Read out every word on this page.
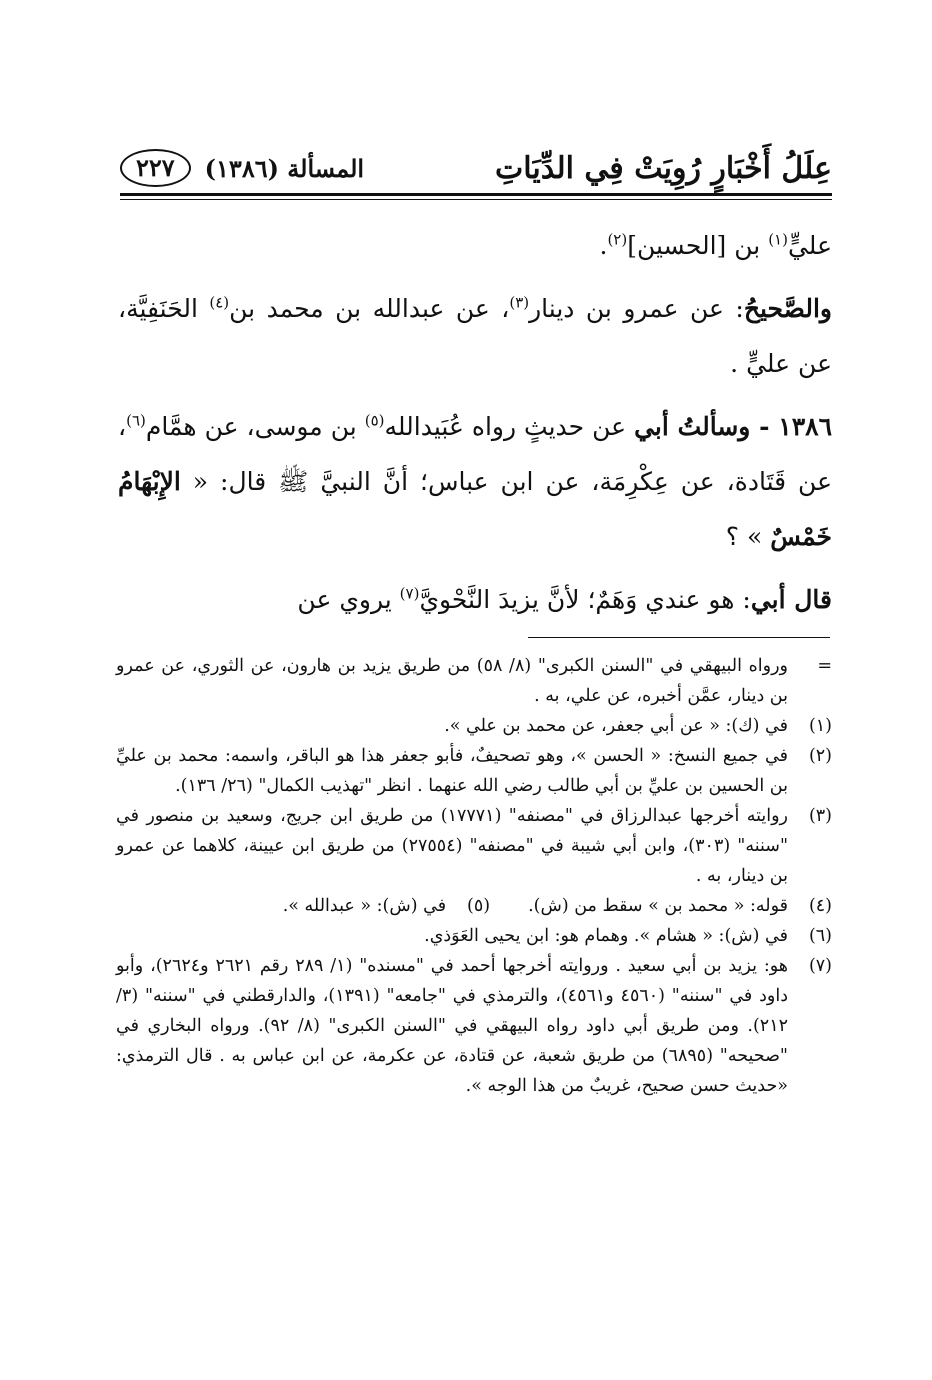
عِلَلُ أَخْبَارٍ رُوِيَتْ فِي الدِّيَاتِ
المسألة (١٣٨٦)
٢٢٧

عليٍّ$^{(١)}$ بن [الحسين]$^{(٢)}$.

والصَّحيحُ: عن عمرو بن دينار$^{(٣)}$، عن عبدالله بن محمد بن$^{(٤)}$ الحَنَفِيَّة، عن عليٍّ .

١٣٨٦ - وسألتُ أبي عن حديثٍ رواه عُبَيدالله$^{(٥)}$ بن موسى، عن همَّام$^{(٦)}$، عن قَتَادة، عن عِكْرِمَة، عن ابن عباس؛ أنَّ النبيَّ ﷺ قال: « الإِبْهَامُ خَمْسٌ » ؟

قال أبي: هو عندي وَهَمٌ؛ لأنَّ يزيدَ النَّحْويَّ$^{(٧)}$ يروي عن

=
ورواه البيهقي في "السنن الكبرى" (٨/ ٥٨) من طريق يزيد بن هارون، عن الثوري، عن عمرو بن دينار، عمَّن أخبره، عن علي، به .
(١)
في (ك): « عن أبي جعفر، عن محمد بن علي ».
(٢)
في جميع النسخ: « الحسن »، وهو تصحيفٌ، فأبو جعفر هذا هو الباقر، واسمه: محمد بن عليِّ بن الحسين بن عليِّ بن أبي طالب رضي الله عنهما . انظر "تهذيب الكمال" (٢٦/ ١٣٦).
(٣)
روايته أخرجها عبدالرزاق في "مصنفه" (١٧٧٧١) من طريق ابن جريج، وسعيد بن منصور في "سننه" (٣٠٣)، وابن أبي شيبة في "مصنفه" (٢٧٥٥٤) من طريق ابن عيينة، كلاهما عن عمرو بن دينار، به .
(٤)
قوله: « محمد بن » سقط من (ش).
(٥)
في (ش): « عبدالله ».
(٦)
في (ش): « هشام ». وهمام هو: ابن يحيى العَوَذي.
(٧)
هو: يزيد بن أبي سعيد . وروايته أخرجها أحمد في "مسنده" (١/ ٢٨٩ رقم ٢٦٢١ و٢٦٢٤)، وأبو داود في "سننه" (٤٥٦٠ و٤٥٦١)، والترمذي في "جامعه" (١٣٩١)، والدارقطني في "سننه" (٣/ ٢١٢). ومن طريق أبي داود رواه البيهقي في "السنن الكبرى" (٨/ ٩٢). ورواه البخاري في "صحيحه" (٦٨٩٥) من طريق شعبة، عن قتادة، عن عكرمة، عن ابن عباس به . قال الترمذي: «حديث حسن صحيح، غريبٌ من هذا الوجه ».
